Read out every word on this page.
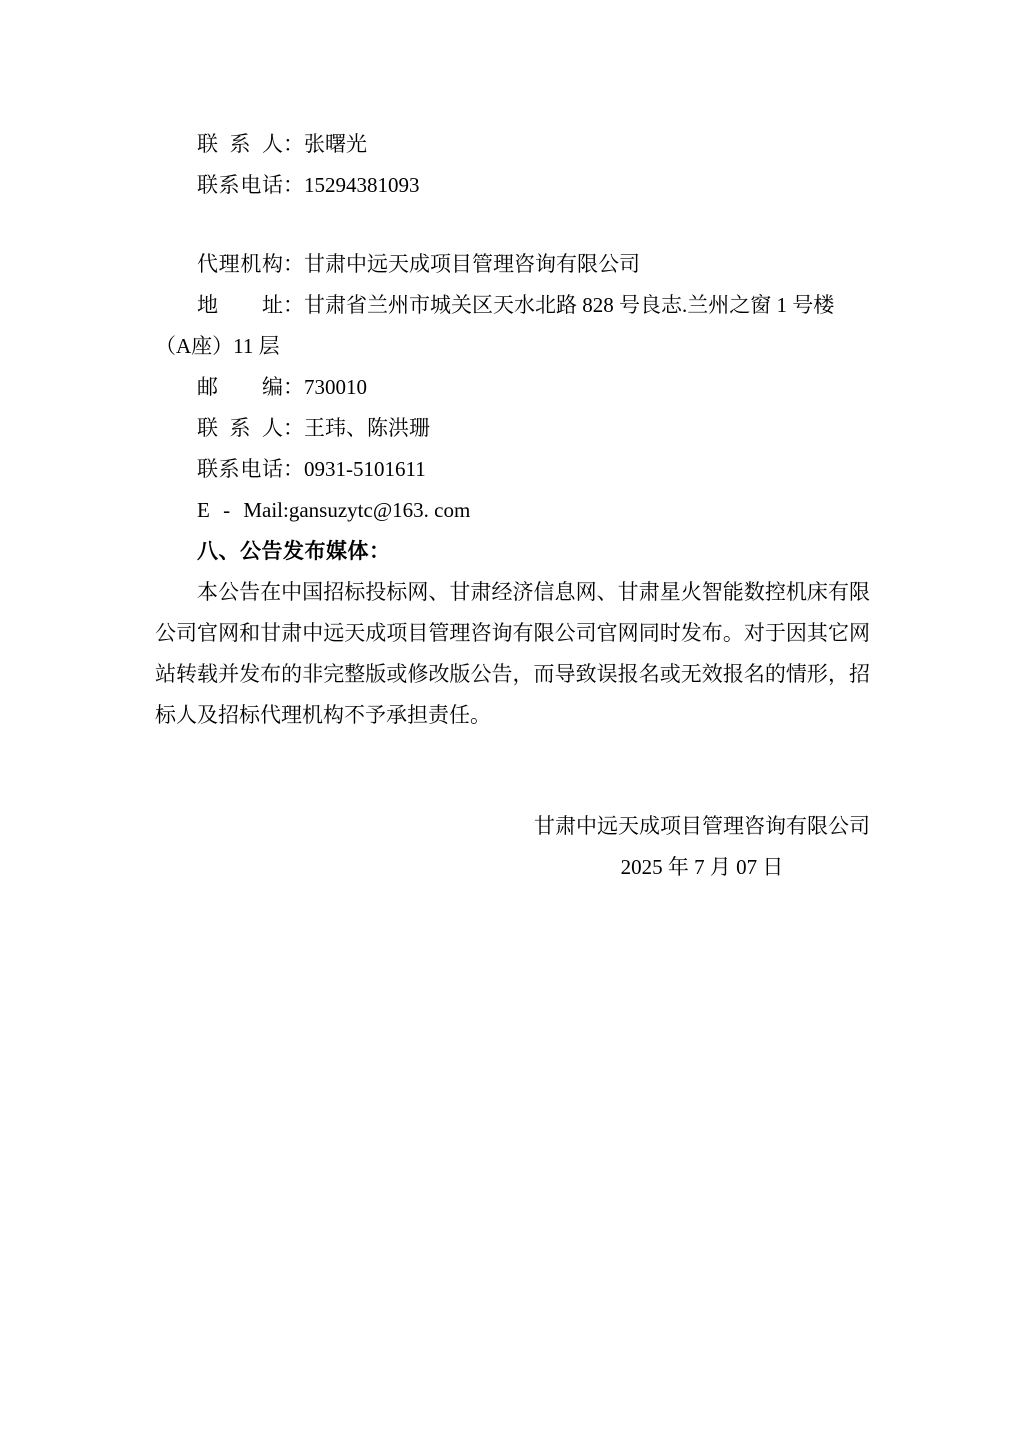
联系人：张曙光

联系电话：15294381093

代理机构：甘肃中远天成项目管理咨询有限公司

地址：甘肃省兰州市城关区天水北路 828 号良志.兰州之窗 1 号楼（A座）11 层

邮编：730010

联系人：王玮、陈洪珊

联系电话：0931-5101611

E - Mail:gansuzytc@163. com

八、公告发布媒体：

本公告在中国招标投标网、甘肃经济信息网、甘肃星火智能数控机床有限公司官网和甘肃中远天成项目管理咨询有限公司官网同时发布。对于因其它网站转载并发布的非完整版或修改版公告，而导致误报名或无效报名的情形，招标人及招标代理机构不予承担责任。

甘肃中远天成项目管理咨询有限公司
2025 年 7 月 07 日
